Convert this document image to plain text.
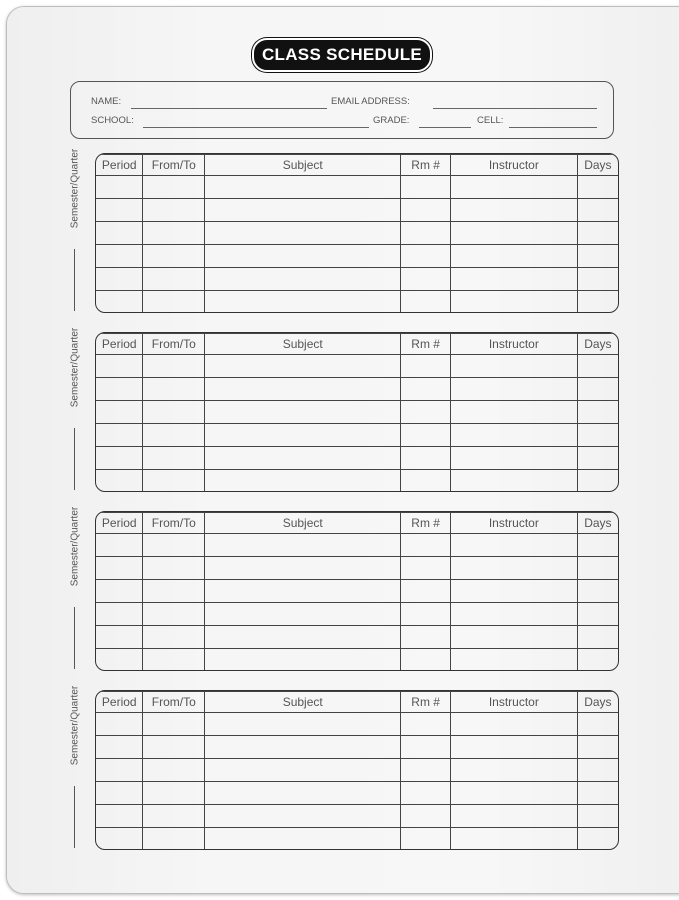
CLASS SCHEDULE
NAME:	EMAIL ADDRESS:
SCHOOL:	GRADE:	CELL:
Semester/Quarter Period	From/To	Subject	Rm #	Instructor	Days

Semester/Quarter Period	From/To	Subject	Rm #	Instructor	Days

Semester/Quarter Period	From/To	Subject	Rm #	Instructor	Days

Semester/Quarter Period	From/To	Subject	Rm #	Instructor	Days
